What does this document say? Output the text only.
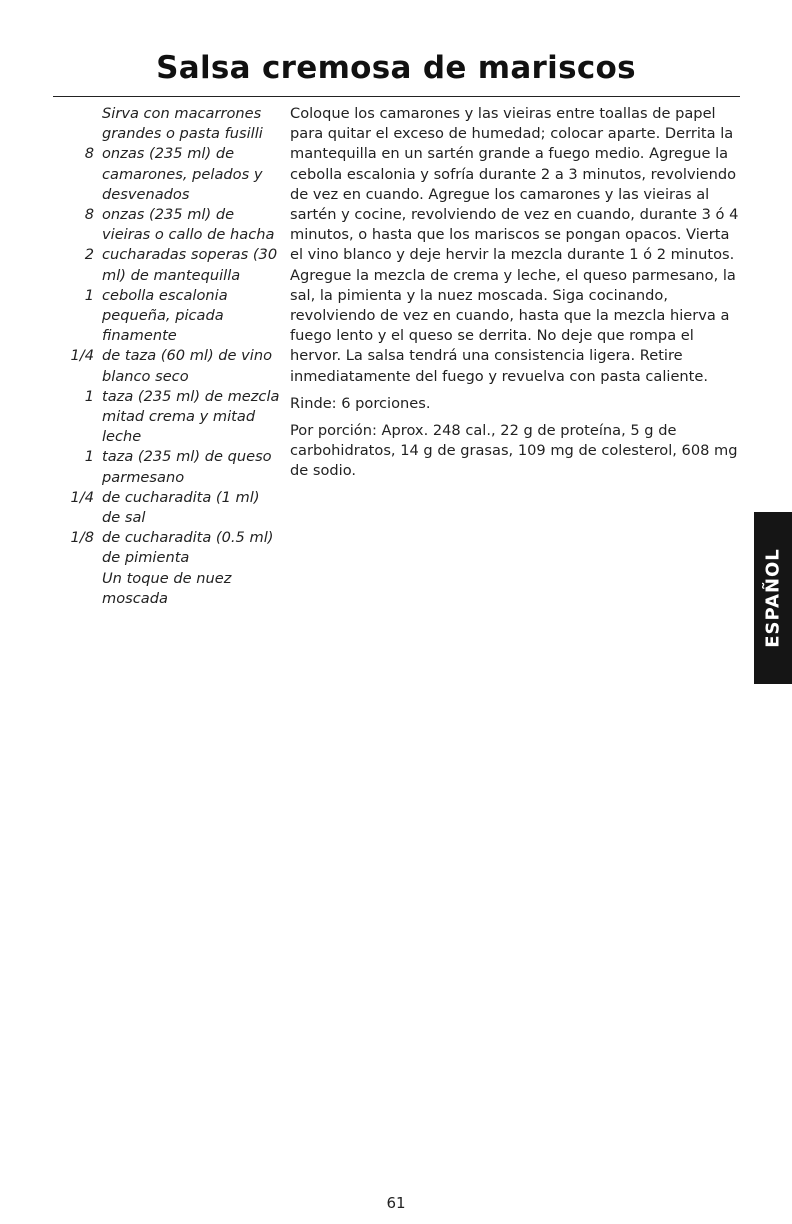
Salsa cremosa de mariscos
Sirva con macarrones grandes o pasta fusilli
8 onzas (235 ml) de camarones, pelados y desvenados
8 onzas (235 ml) de vieiras o callo de hacha
2 cucharadas soperas (30 ml) de mantequilla
1 cebolla escalonia pequeña, picada finamente
1/4 de taza (60 ml) de vino blanco seco
1 taza (235 ml) de mezcla mitad crema y mitad leche
1 taza (235 ml) de queso parmesano
1/4 de cucharadita (1 ml) de sal
1/8 de cucharadita (0.5 ml) de pimienta
Un toque de nuez moscada

Coloque los camarones y las vieiras entre toallas de papel para quitar el exceso de humedad; colocar aparte. Derrita la mantequilla en un sartén grande a fuego medio. Agregue la cebolla escalonia y sofría durante 2 a 3 minutos, revolviendo de vez en cuando. Agregue los camarones y las vieiras al sartén y cocine, revolviendo de vez en cuando, durante 3 ó 4 minutos, o hasta que los mariscos se pongan opacos. Vierta el vino blanco y deje hervir la mezcla durante 1 ó 2 minutos. Agregue la mezcla de crema y leche, el queso parmesano, la sal, la pimienta y la nuez moscada. Siga cocinando, revolviendo de vez en cuando, hasta que la mezcla hierva a fuego lento y el queso se derrita. No deje que rompa el hervor. La salsa tendrá una consistencia ligera. Retire inmediatamente del fuego y revuelva con pasta caliente.

Rinde: 6 porciones.

Por porción: Aprox. 248 cal., 22 g de proteína, 5 g de carbohidratos, 14 g de grasas, 109 mg de colesterol, 608 mg de sodio.

ESPAÑOL
61
